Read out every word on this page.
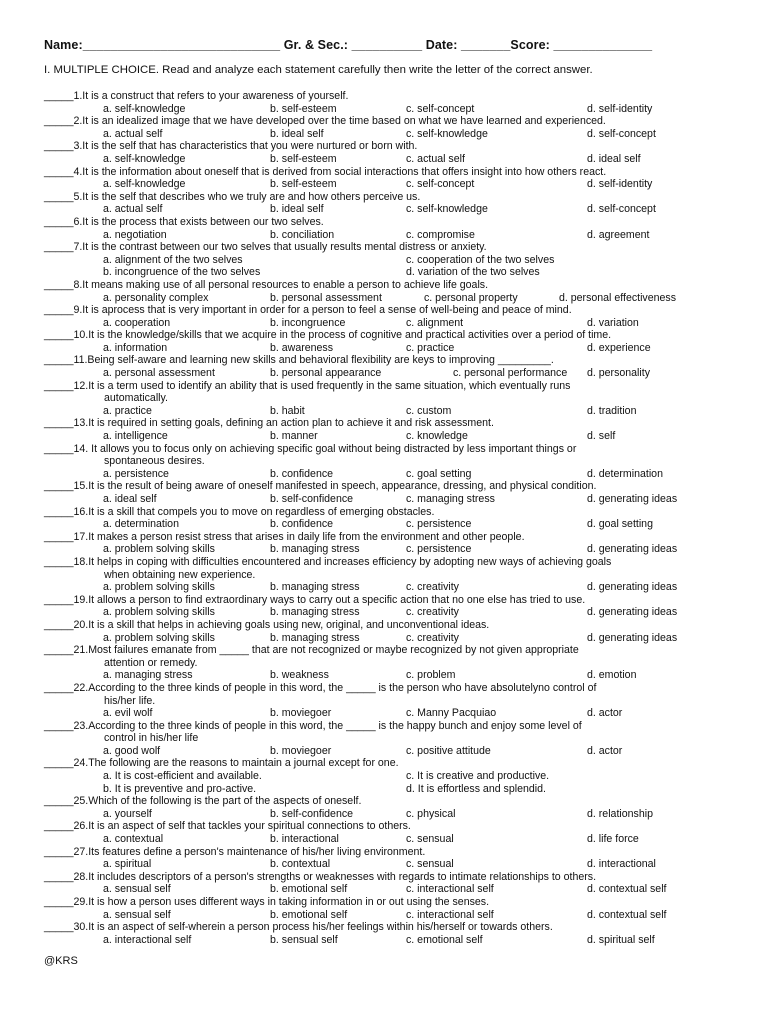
Name:____________________________ Gr. & Sec.: __________ Date: _______Score: ______________
I. MULTIPLE CHOICE. Read and analyze each statement carefully then write the letter of the correct answer.
_____1.It is a construct that refers to your awareness of yourself.
a. self-knowledge	b. self-esteem	c. self-concept	d. self-identity
_____2.It is an idealized image that we have developed over the time based on what we have learned and experienced.
a. actual self	b. ideal self	c. self-knowledge	d. self-concept
_____3.It is the self that has characteristics that you were nurtured or born with.
a. self-knowledge	b. self-esteem	c. actual self	d. ideal self
_____4.It is the information about oneself that is derived from social interactions that offers insight into how others react.
a. self-knowledge	b. self-esteem	c. self-concept	d. self-identity
_____5.It is the self that describes who we truly are and how others perceive us.
a. actual self	b. ideal self	c. self-knowledge	d. self-concept
_____6.It is the process that exists between our two selves.
a. negotiation	b. conciliation	c. compromise	d. agreement
_____7.It is the contrast between our two selves that usually results mental distress or anxiety.
a. alignment of the two selves	c. cooperation of the two selves
b. incongruence of the two selves	d. variation of the two selves
_____8.It means making use of all personal resources to enable a person to achieve life goals.
a. personality complex	b. personal assessment	c. personal property	d. personal effectiveness
_____9.It is aprocess that is very important in order for a person to feel a sense of well-being and peace of mind.
a. cooperation	b. incongruence	c. alignment	d. variation
_____10.It is the knowledge/skills that we acquire in the process of cognitive and practical activities over a period of time.
a. information	b. awareness	c. practice	d. experience
_____11.Being self-aware and learning new skills and behavioral flexibility are keys to improving _________.
a. personal assessment	b. personal appearance	c. personal performance d. personality
_____12.It is a term used to identify an ability that is used frequently in the same situation, which eventually runs
automatically.
a. practice	b. habit	c. custom	d. tradition
_____13.It is required in setting goals, defining an action plan to achieve it and risk assessment.
a. intelligence	b. manner	c. knowledge	d. self
_____14. It allows you to focus only on achieving specific goal without being distracted by less important things or
spontaneous desires.
a. persistence	b. confidence	c. goal setting	d. determination
_____15.It is the result of being aware of oneself manifested in speech, appearance, dressing, and physical condition.
a. ideal self	b. self-confidence	c. managing stress	d. generating ideas
_____16.It is a skill that compels you to move on regardless of emerging obstacles.
a. determination	b. confidence	c. persistence	d. goal setting
_____17.It makes a person resist stress that arises in daily life from the environment and other people.
a. problem solving skills	b. managing stress	c. persistence	d. generating ideas
_____18.It helps in coping with difficulties encountered and increases efficiency by adopting new ways of achieving goals
when obtaining new experience.
a. problem solving skills	b. managing stress	c. creativity	d. generating ideas
_____19.It allows a person to find extraordinary ways to carry out a specific action that no one else has tried to use.
a. problem solving skills	b. managing stress	c. creativity	d. generating ideas
_____20.It is a skill that helps in achieving goals using new, original, and unconventional ideas.
a. problem solving skills	b. managing stress	c. creativity	d. generating ideas
_____21.Most failures emanate from _____ that are not recognized or maybe recognized by not given appropriate
attention or remedy.
a. managing stress	b. weakness	c. problem	d. emotion
_____22.According to the three kinds of people in this word, the _____ is the person who have absolutelyno control of
his/her life.
a. evil wolf	b. moviegoer	c. Manny Pacquiao	d. actor
_____23.According to the three kinds of people in this word, the _____ is the happy bunch and enjoy some level of
control in his/her life
a. good wolf	b. moviegoer	c. positive attitude	d. actor
_____24.The following are the reasons to maintain a journal except for one.
a. It is cost-efficient and available.	c. It is creative and productive.
b. It is preventive and pro-active.	d. It is effortless and splendid.
_____25.Which of the following is the part of the aspects of oneself.
a. yourself	b. self-confidence	c. physical	d. relationship
_____26.It is an aspect of self that tackles your spiritual connections to others.
a. contextual	b. interactional	c. sensual	d. life force
_____27.Its features define a person's maintenance of his/her living environment.
a. spiritual	b. contextual	c. sensual	d. interactional
_____28.It includes descriptors of a person's strengths or weaknesses with regards to intimate relationships to others.
a. sensual self	b. emotional self	c. interactional self	d. contextual self
_____29.It is how a person uses different ways in taking information in or out using the senses.
a. sensual self	b. emotional self	c. interactional self	d. contextual self
_____30.It is an aspect of self-wherein a person process his/her feelings within his/herself or towards others.
a. interactional self	b. sensual self	c. emotional self	d. spiritual self
@KRS
